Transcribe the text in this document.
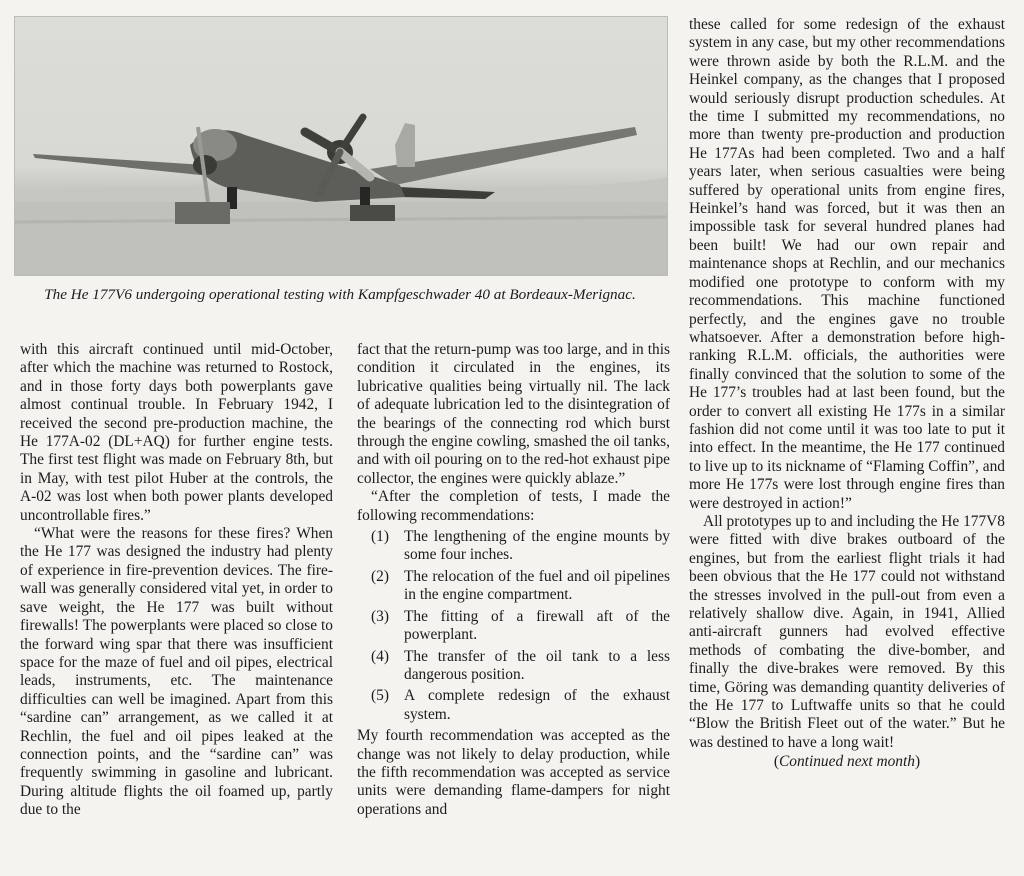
The He 177V6 undergoing operational testing with Kampfgeschwader 40 at Bordeaux-Merignac.

with this aircraft continued until mid-October, after which the machine was returned to Rostock, and in those forty days both powerplants gave almost continual trouble. In February 1942, I received the second pre-production machine, the He 177A-02 (DL+AQ) for further engine tests. The first test flight was made on February 8th, but in May, with test pilot Huber at the controls, the A-02 was lost when both power plants developed uncontrollable fires.”

“What were the reasons for these fires? When the He 177 was designed the industry had plenty of experience in fire-prevention devices. The fire-wall was generally considered vital yet, in order to save weight, the He 177 was built without firewalls! The powerplants were placed so close to the forward wing spar that there was insufficient space for the maze of fuel and oil pipes, electrical leads, instruments, etc. The maintenance difficulties can well be imagined. Apart from this “sardine can” arrangement, as we called it at Rechlin, the fuel and oil pipes leaked at the connection points, and the “sardine can” was frequently swimming in gasoline and lubricant. During altitude flights the oil foamed up, partly due to the

fact that the return-pump was too large, and in this condition it circulated in the engines, its lubricative qualities being virtually nil. The lack of adequate lubrication led to the disintegration of the bearings of the connecting rod which burst through the engine cowling, smashed the oil tanks, and with oil pouring on to the red-hot exhaust pipe collector, the engines were quickly ablaze.”

“After the completion of tests, I made the following recommendations:

(1) The lengthening of the engine mounts by some four inches.
(2) The relocation of the fuel and oil pipelines in the engine compartment.
(3) The fitting of a firewall aft of the powerplant.
(4) The transfer of the oil tank to a less dangerous position.
(5) A complete redesign of the exhaust system.

My fourth recommendation was accepted as the change was not likely to delay production, while the fifth recommendation was accepted as service units were demanding flame-dampers for night operations and

these called for some redesign of the exhaust system in any case, but my other recommendations were thrown aside by both the R.L.M. and the Heinkel company, as the changes that I proposed would seriously disrupt production schedules. At the time I submitted my recommendations, no more than twenty pre-production and production He 177As had been completed. Two and a half years later, when serious casualties were being suffered by operational units from engine fires, Heinkel’s hand was forced, but it was then an impossible task for several hundred planes had been built! We had our own repair and maintenance shops at Rechlin, and our mechanics modified one prototype to conform with my recommendations. This machine functioned perfectly, and the engines gave no trouble whatsoever. After a demonstration before high-ranking R.L.M. officials, the authorities were finally convinced that the solution to some of the He 177’s troubles had at last been found, but the order to convert all existing He 177s in a similar fashion did not come until it was too late to put it into effect. In the meantime, the He 177 continued to live up to its nickname of “Flaming Coffin”, and more He 177s were lost through engine fires than were destroyed in action!”

All prototypes up to and including the He 177V8 were fitted with dive brakes outboard of the engines, but from the earliest flight trials it had been obvious that the He 177 could not withstand the stresses involved in the pull-out from even a relatively shallow dive. Again, in 1941, Allied anti-aircraft gunners had evolved effective methods of combating the dive-bomber, and finally the dive-brakes were removed. By this time, Göring was demanding quantity deliveries of the He 177 to Luftwaffe units so that he could “Blow the British Fleet out of the water.” But he was destined to have a long wait!

(Continued next month)
